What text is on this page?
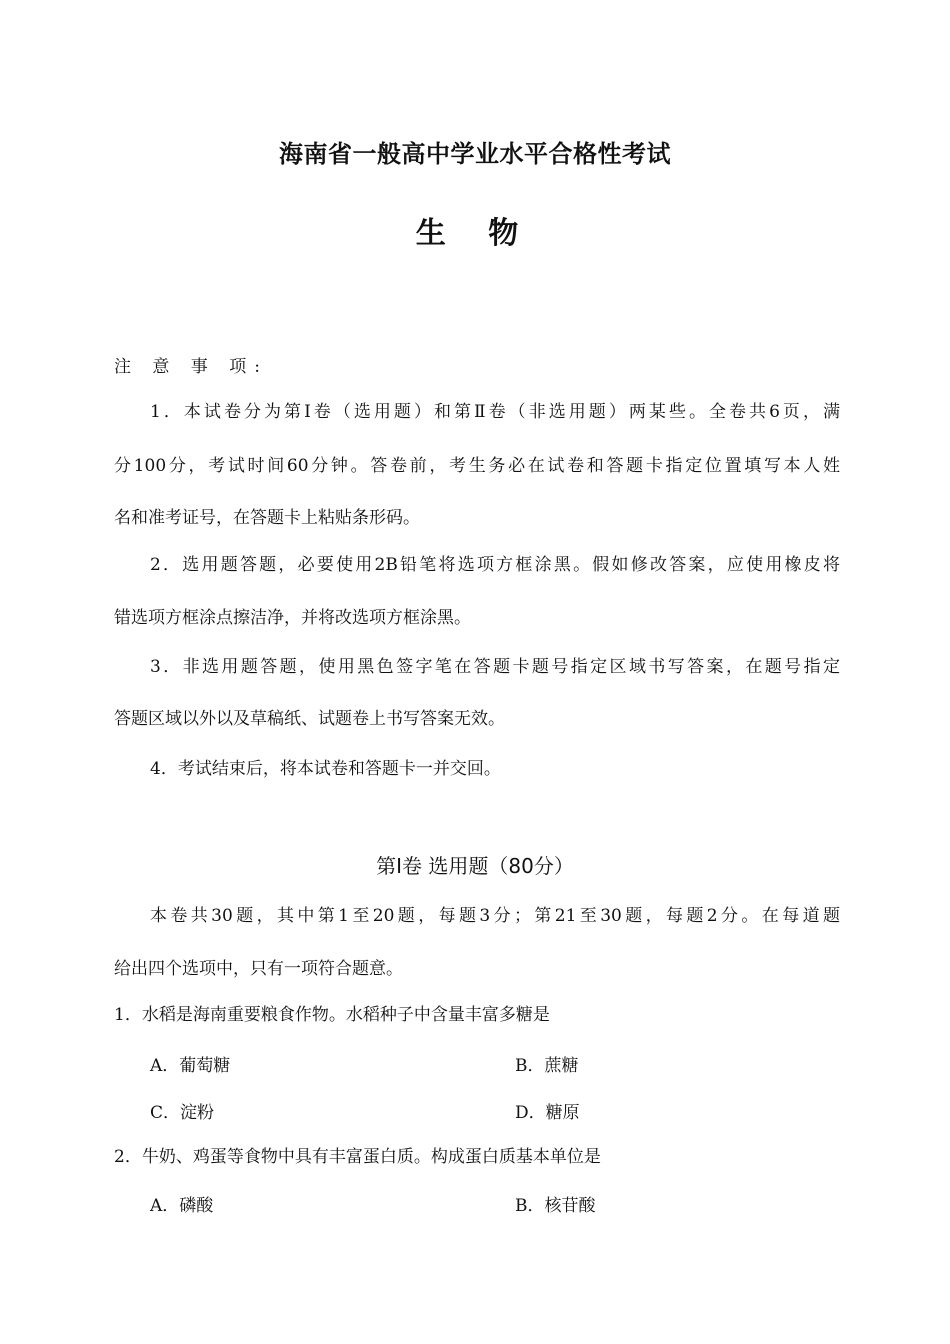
海南省一般高中学业水平合格性考试
生 物
注 意 事 项:
1．本试卷分为第Ⅰ卷（选用题）和第Ⅱ卷（非选用题）两某些。全卷共6页，满
分100分，考试时间60分钟。答卷前，考生务必在试卷和答题卡指定位置填写本人姓
名和准考证号，在答题卡上粘贴条形码。
2．选用题答题，必要使用2B铅笔将选项方框涂黑。假如修改答案，应使用橡皮将
错选项方框涂点擦洁净，并将改选项方框涂黑。
3．非选用题答题，使用黑色签字笔在答题卡题号指定区域书写答案，在题号指定
答题区域以外以及草稿纸、试题卷上书写答案无效。
4．考试结束后，将本试卷和答题卡一并交回。
第Ⅰ卷 选用题（80分）
本卷共30题，其中第1至20题，每题3分；第21至30题，每题2分。在每道题
给出四个选项中，只有一项符合题意。
1．水稻是海南重要粮食作物。水稻种子中含量丰富多糖是
A．葡萄糖	B．蔗糖
C．淀粉	D．糖原
2．牛奶、鸡蛋等食物中具有丰富蛋白质。构成蛋白质基本单位是
A．磷酸	B．核苷酸
